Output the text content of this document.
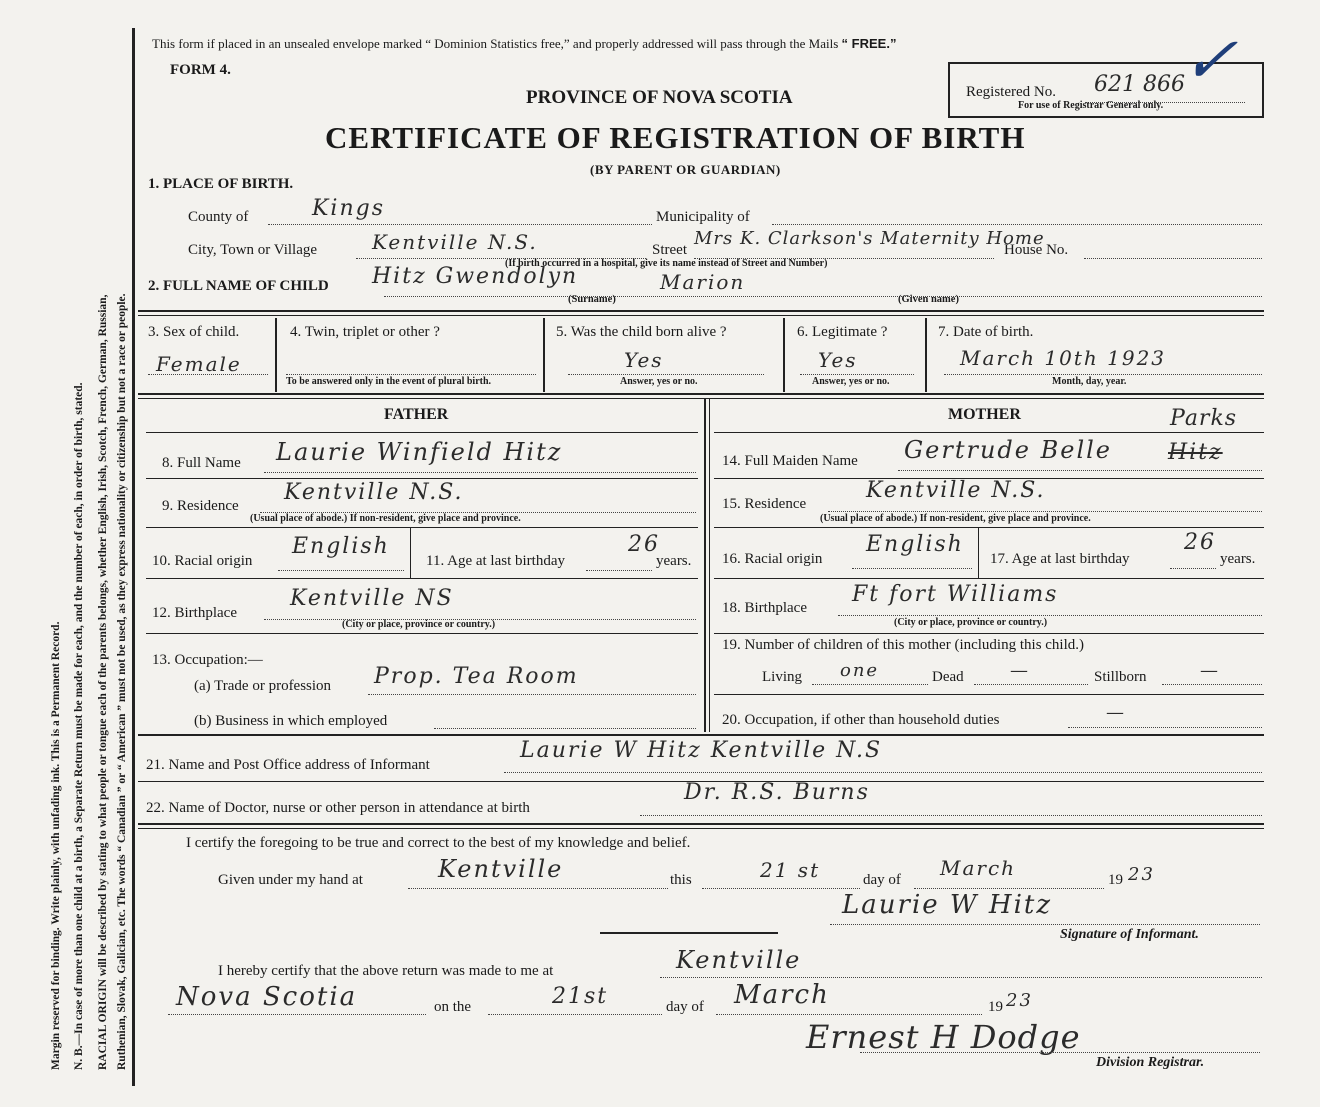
Margin reserved for binding. Write plainly, with unfading ink. This is a Permanent Record. N. B.—In case of more than one child at a birth, a Separate Return must be made for each, and the number of each, in order of birth, stated. RACIAL ORIGIN will be described by stating to what people or tongue each of the parents belongs, whether English, Irish, Scotch, French, German, Russian, Ruthenian, Slovak, Galician, etc. The words “ Canadian ” or “ American ” must not be used, as they express nationality or citizenship but not a race or people.
This form if placed in an unsealed envelope marked “ Dominion Statistics free,” and properly addressed will pass through the Mails “ FREE.”
FORM 4.
PROVINCE OF NOVA SCOTIA
CERTIFICATE OF REGISTRATION OF BIRTH
(BY PARENT OR GUARDIAN)
Registered No. 621 866
For use of Registrar General only.
✓
1. PLACE OF BIRTH.
County of	Kings	Municipality of
City, Town or Village	Kentville N.S.	Street
Mrs K. Clarkson's Maternity Home
House No.
(If birth occurred in a hospital, give its name instead of Street and Number)
2. FULL NAME OF CHILD Hitz Gwendolyn	Marion
(Surname)	(Given name)
3. Sex of child.
Female
4. Twin, triplet or other ?
To be answered only in the event of plural birth.
5. Was the child born alive ?
Yes
Answer, yes or no.
6. Legitimate ?
Yes
Answer, yes or no.
7. Date of birth.
March 10th 1923
Month, day, year.
FATHER
8. Full Name Laurie Winfield Hitz
9. Residence
Kentville N.S.
(Usual place of abode.) If non-resident, give place and province.
10. Racial origin
English
11. Age at last birthday
26
years.
12. Birthplace
Kentville NS
(City or place, province or country.)
13. Occupation:—
(a) Trade or profession Prop. Tea Room
(b) Business in which employed
MOTHER	Parks
14. Full Maiden Name Gertrude Belle	Hitz
15. Residence
Kentville N.S.
(Usual place of abode.) If non-resident, give place and province.
16. Racial origin
English
17. Age at last birthday
26
years.
18. Birthplace
Ft fort Williams
(City or place, province or country.)
19. Number of children of this mother (including this child.)
Living one	Dead	—	Stillborn	—
20. Occupation, if other than household duties	—
21. Name and Post Office address of Informant
Laurie W Hitz Kentville N.S
22. Name of Doctor, nurse or other person in attendance at birth
Dr. R.S. Burns
I certify the foregoing to be true and correct to the best of my knowledge and belief.
Given under my hand at	Kentville	this	21 st	day of March	19 23
Laurie W Hitz
Signature of Informant.
I hereby certify that the above return was made to me at	Kentville
Nova Scotia	on the	21st	day of March	19 23
Ernest H Dodge
Division Registrar.
